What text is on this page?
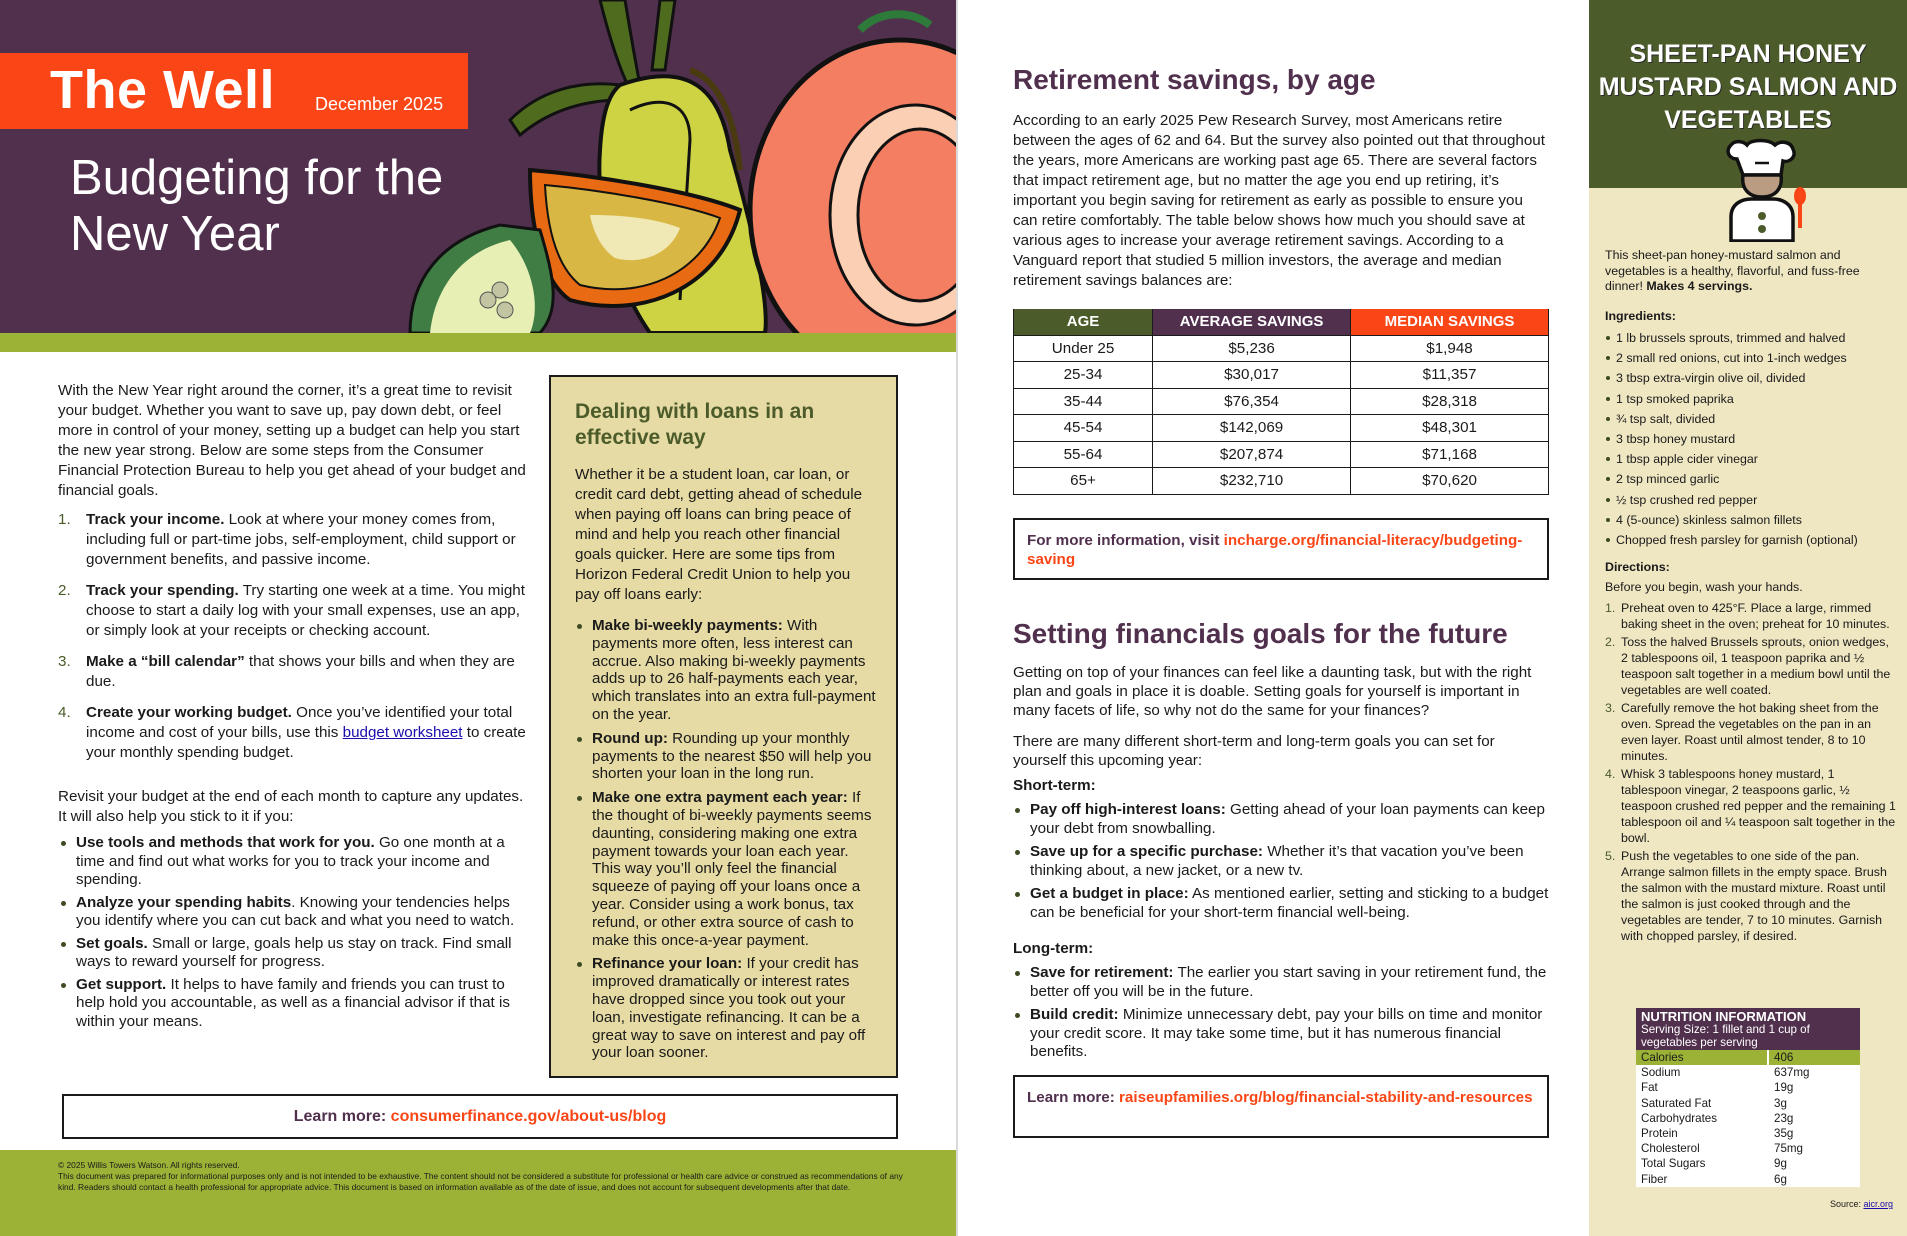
The Well December 2025
Budgeting for the New Year

With the New Year right around the corner, it’s a great time to revisit your budget. Whether you want to save up, pay down debt, or feel more in control of your money, setting up a budget can help you start the new year strong. Below are some steps from the Consumer Financial Protection Bureau to help you get ahead of your budget and financial goals.

1. Track your income. Look at where your money comes from, including full or part-time jobs, self-employment, child support or government benefits, and passive income.
2. Track your spending. Try starting one week at a time. You might choose to start a daily log with your small expenses, use an app, or simply look at your receipts or checking account.
3. Make a “bill calendar” that shows your bills and when they are due.
4. Create your working budget. Once you’ve identified your total income and cost of your bills, use this budget worksheet to create your monthly spending budget.

Revisit your budget at the end of each month to capture any updates. It will also help you stick to it if you:

Use tools and methods that work for you. Go one month at a time and find out what works for you to track your income and spending.
Analyze your spending habits. Knowing your tendencies helps you identify where you can cut back and what you need to watch.
Set goals. Small or large, goals help us stay on track. Find small ways to reward yourself for progress.
Get support. It helps to have family and friends you can trust to help hold you accountable, as well as a financial advisor if that is within your means.
Dealing with loans in an effective way

Whether it be a student loan, car loan, or credit card debt, getting ahead of schedule when paying off loans can bring peace of mind and help you reach other financial goals quicker. Here are some tips from Horizon Federal Credit Union to help you pay off loans early:

Make bi-weekly payments: With payments more often, less interest can accrue. Also making bi-weekly payments adds up to 26 half-payments each year, which translates into an extra full-payment on the year.
Round up: Rounding up your monthly payments to the nearest $50 will help you shorten your loan in the long run.
Make one extra payment each year: If the thought of bi-weekly payments seems daunting, considering making one extra payment towards your loan each year. This way you’ll only feel the financial squeeze of paying off your loans once a year. Consider using a work bonus, tax refund, or other extra source of cash to make this once-a-year payment.
Refinance your loan: If your credit has improved dramatically or interest rates have dropped since you took out your loan, investigate refinancing. It can be a great way to save on interest and pay off your loan sooner.
Learn more: consumerfinance.gov/about-us/blog

© 2025 Willis Towers Watson. All rights reserved.

This document was prepared for informational purposes only and is not intended to be exhaustive. The content should not be considered a substitute for professional or health care advice or construed as recommendations of any kind. Readers should contact a health professional for appropriate advice. This document is based on information available as of the date of issue, and does not account for subsequent developments after that date.

Retirement savings, by age

According to an early 2025 Pew Research Survey, most Americans retire between the ages of 62 and 64. But the survey also pointed out that throughout the years, more Americans are working past age 65. There are several factors that impact retirement age, but no matter the age you end up retiring, it’s important you begin saving for retirement as early as possible to ensure you can retire comfortably. The table below shows how much you should save at various ages to increase your average retirement savings. According to a Vanguard report that studied 5 million investors, the average and median retirement savings balances are:

AGE	AVERAGE SAVINGS	MEDIAN SAVINGS
Under 25	$5,236	$1,948
25-34	$30,017	$11,357
35-44	$76,354	$28,318
45-54	$142,069	$48,301
55-64	$207,874	$71,168
65+	$232,710	$70,620
For more information, visit incharge.org/financial-literacy/budgeting-saving
Setting financials goals for the future

Getting on top of your finances can feel like a daunting task, but with the right plan and goals in place it is doable. Setting goals for yourself is important in many facets of life, so why not do the same for your finances?

There are many different short-term and long-term goals you can set for yourself this upcoming year:

Short-term:
Pay off high-interest loans: Getting ahead of your loan payments can keep your debt from snowballing.
Save up for a specific purchase: Whether it’s that vacation you’ve been thinking about, a new jacket, or a new tv.
Get a budget in place: As mentioned earlier, setting and sticking to a budget can be beneficial for your short-term financial well-being.
Long-term:
Save for retirement: The earlier you start saving in your retirement fund, the better off you will be in the future.
Build credit: Minimize unnecessary debt, pay your bills on time and monitor your credit score. It may take some time, but it has numerous financial benefits.
Learn more: raiseupfamilies.org/blog/financial-stability-and-resources
SHEET-PAN HONEY MUSTARD SALMON AND VEGETABLES

This sheet-pan honey-mustard salmon and vegetables is a healthy, flavorful, and fuss-free dinner! Makes 4 servings.

Ingredients:
1 lb brussels sprouts, trimmed and halved
2 small red onions, cut into 1-inch wedges
3 tbsp extra-virgin olive oil, divided
1 tsp smoked paprika
¾ tsp salt, divided
3 tbsp honey mustard
1 tbsp apple cider vinegar
2 tsp minced garlic
½ tsp crushed red pepper
4 (5-ounce) skinless salmon fillets
Chopped fresh parsley for garnish (optional)
Directions:

Before you begin, wash your hands.

1. Preheat oven to 425°F. Place a large, rimmed baking sheet in the oven; preheat for 10 minutes.
2. Toss the halved Brussels sprouts, onion wedges, 2 tablespoons oil, 1 teaspoon paprika and ½ teaspoon salt together in a medium bowl until the vegetables are well coated.
3. Carefully remove the hot baking sheet from the oven. Spread the vegetables on the pan in an even layer. Roast until almost tender, 8 to 10 minutes.
4. Whisk 3 tablespoons honey mustard, 1 tablespoon vinegar, 2 teaspoons garlic, ½ teaspoon crushed red pepper and the remaining 1 tablespoon oil and ¼ teaspoon salt together in the bowl.
5. Push the vegetables to one side of the pan. Arrange salmon fillets in the empty space. Brush the salmon with the mustard mixture. Roast until the salmon is just cooked through and the vegetables are tender, 7 to 10 minutes. Garnish with chopped parsley, if desired.
NUTRITION INFORMATION
Serving Size: 1 fillet and 1 cup of vegetables per serving
Calories	406
Sodium	637mg
Fat	19g
Saturated Fat	3g
Carbohydrates	23g
Protein	35g
Cholesterol	75mg
Total Sugars	9g
Fiber	6g
Source: aicr.org
